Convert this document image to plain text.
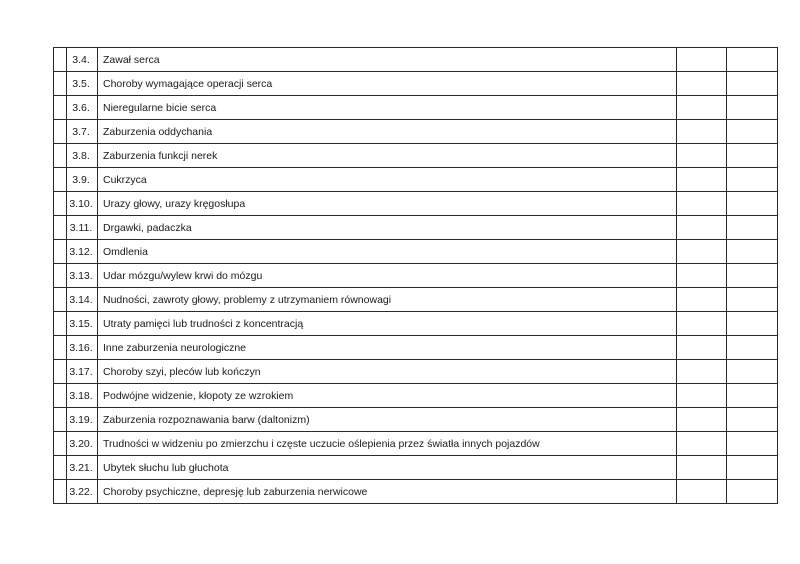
	3.4.	Zawał serca		
	3.5.	Choroby wymagające operacji serca		
	3.6.	Nieregularne bicie serca		
	3.7.	Zaburzenia oddychania		
	3.8.	Zaburzenia funkcji nerek		
	3.9.	Cukrzyca		
	3.10.	Urazy głowy, urazy kręgosłupa		
	3.11.	Drgawki, padaczka		
	3.12.	Omdlenia		
	3.13.	Udar mózgu/wylew krwi do mózgu		
	3.14.	Nudności, zawroty głowy, problemy z utrzymaniem równowagi		
	3.15.	Utraty pamięci lub trudności z koncentracją		
	3.16.	Inne zaburzenia neurologiczne		
	3.17.	Choroby szyi, pleców lub kończyn		
	3.18.	Podwójne widzenie, kłopoty ze wzrokiem		
	3.19.	Zaburzenia rozpoznawania barw (daltonizm)		
	3.20.	Trudności w widzeniu po zmierzchu i częste uczucie oślepienia przez światła innych pojazdów		
	3.21.	Ubytek słuchu lub głuchota		
	3.22.	Choroby psychiczne, depresję lub zaburzenia nerwicowe		
